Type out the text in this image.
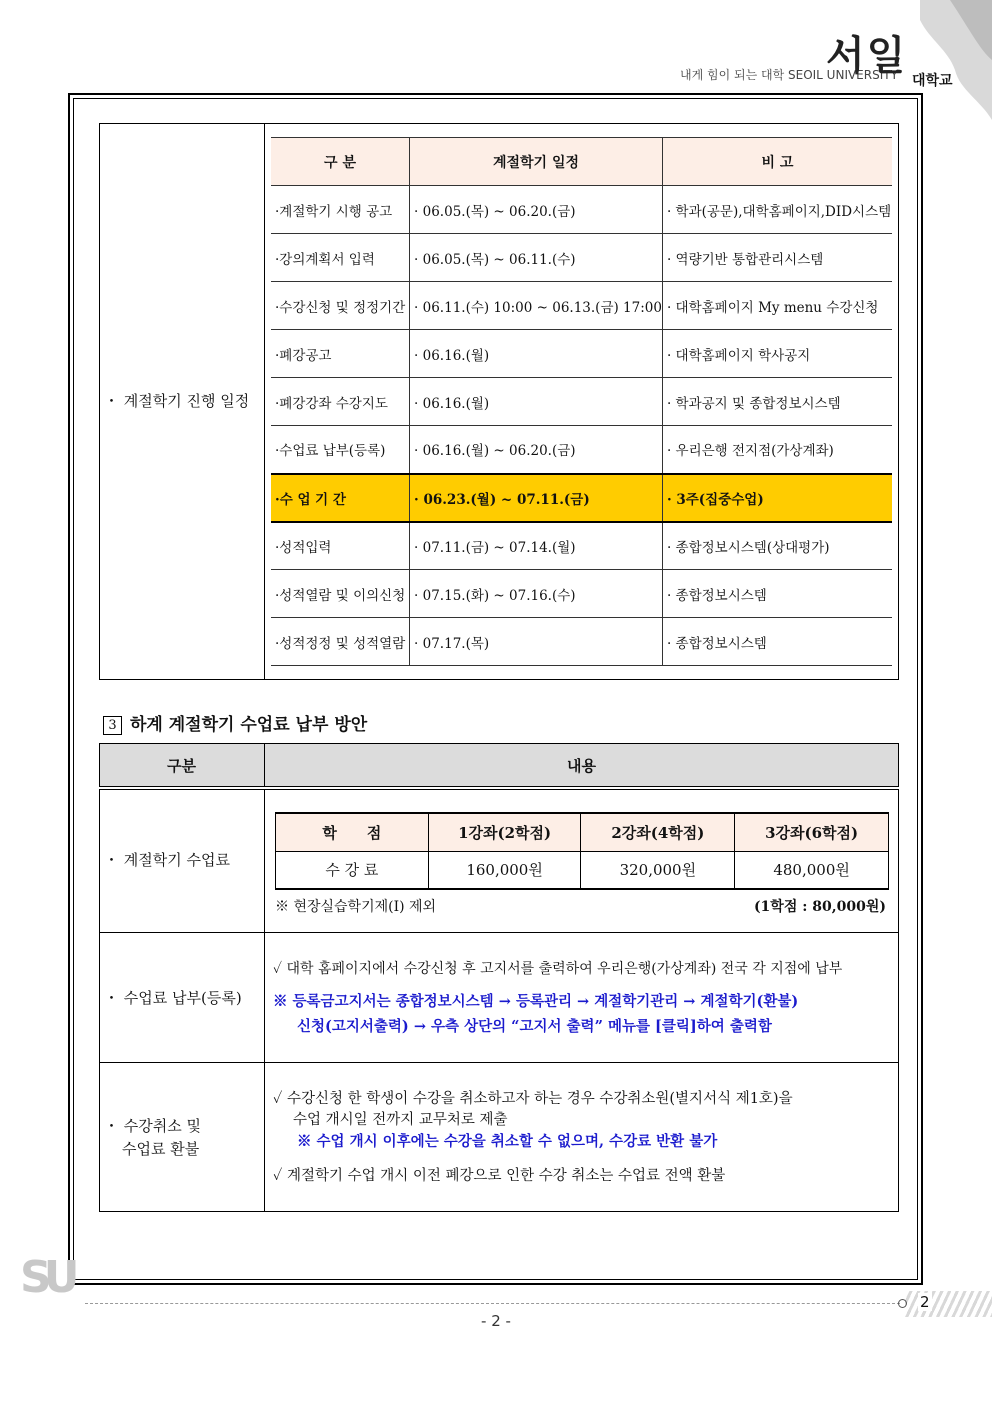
내게 힘이 되는 대학 SEOIL UNIVERSITY
서일
대학교
・ 계절학기 진행 일정
구 분	계절학기 일정	비 고
·계절학기 시행 공고	· 06.05.(목) ~ 06.20.(금)	· 학과(공문),대학홈페이지,DID시스템
·강의계획서 입력	· 06.05.(목) ~ 06.11.(수)	· 역량기반 통합관리시스템
·수강신청 및 정정기간	· 06.11.(수) 10:00 ~ 06.13.(금) 17:00	· 대학홈페이지 My menu 수강신청
·폐강공고	· 06.16.(월)	· 대학홈페이지 학사공지
·폐강강좌 수강지도	· 06.16.(월)	· 학과공지 및 종합정보시스템
·수업료 납부(등록)	· 06.16.(월) ~ 06.20.(금)	· 우리은행 전지점(가상계좌)
·수 업 기 간	· 06.23.(월) ~ 07.11.(금)	· 3주(집중수업)
·성적입력	· 07.11.(금) ~ 07.14.(월)	· 종합정보시스템(상대평가)
·성적열람 및 이의신청	· 07.15.(화) ~ 07.16.(수)	· 종합정보시스템
·성적정정 및 성적열람	· 07.17.(목)	· 종합정보시스템
3 하계 계절학기 수업료 납부 방안
구분	내용
・ 계절학기 수업료
학　　점	1강좌(2학점)	2강좌(4학점)	3강좌(6학점)
수 강 료	160,000원	320,000원	480,000원
※ 현장실습학기제(Ⅰ) 제외	(1학점 : 80,000원)
・ 수업료 납부(등록)
✓ 대학 홈페이지에서 수강신청 후 고지서를 출력하여 우리은행(가상계좌) 전국 각 지점에 납부
※ 등록금고지서는 종합정보시스템 → 등록관리 → 계절학기관리 → 계절학기(환불)
신청(고지서출력) → 우측 상단의 “고지서 출력” 메뉴를 [클릭]하여 출력함
・ 수강취소 및
수업료 환불
✓ 수강신청 한 학생이 수강을 취소하고자 하는 경우 수강취소원(별지서식 제1호)을
수업 개시일 전까지 교무처로 제출
※ 수업 개시 이후에는 수강을 취소할 수 없으며, 수강료 반환 불가
✓ 계절학기 수업 개시 이전 폐강으로 인한 수강 취소는 수업료 전액 환불
SU	2
- 2 -
